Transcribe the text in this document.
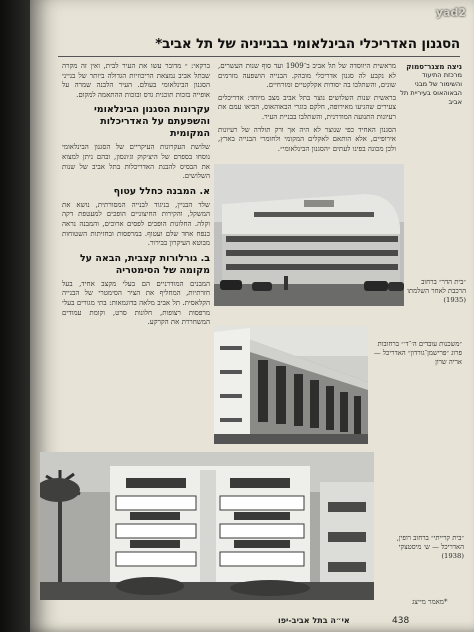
yad2
הסגנון האדריכלי הבינלאומי בבנייניה של תל אביב*
ניצה מצגר־סמוק
מרכזת התיעוד והשימור של מבני הבאוהאוס בעיריית תל אביב

מראשית היווסדה של תל אביב ב־1909 ועד סוף שנות העשרים, לא נקבע לה סגנון אדריכלי מובהק. הבנייה הושפעה מזרמים שונים, והשתלבו בה יסודות אקלקטיים ומזרחיים.

בראשית שנות השלושים נוצר בתל אביב מצב מיוחד: אדריכלים צעירים שהגיעו מאירופה, חלקם בוגרי הבאוהאוס, הביאו עמם את רעיונות התנועה המודרנית, והשתלבו בבניית העיר.

הסגנון האחיד כפי שנוצר לא היה אך ורק תולדה של רעיונות אירופיים, אלא הותאם לאקלים המקומי ולחומרי הבנייה בארץ, ולכן מכונה בפינו לעתים ״הסגנון הבינלאומי״.

ברקאי: ״ מדובר עשו את העיר לבית, ואין זה מקרה שבתל אביב נמצאת הריכוזיות הגדולה ביותר של בנייני הסגנון הבינלאומי בעולם. העיר הלבנה שמרה על אופייה בזכות תוכנית גדס ובזכות ההתאמה למקום.

עקרונות הסגנון הבינלאומי והשפעתם על האדריכלות המקומית

שלושת העקרונות העיקריים של הסגנון הבינלאומי נוסחו בספרם של היצ׳קוק וג׳ונסון, ובהם ניתן למצוא את הבסיס להבנת האדריכלות בתל אביב של שנות השלושים.

א. המבנה כחלל עטוף

שלד הבניין, בניגוד לבנייה המסורתית, נושא את המשקל, והקירות החיצוניים הופכים למעטפת דקה וקלה. החלונות הופכים לפסים ארוכים, והמבנה נראה כנפח אחד שלם ועטוף. במרפסות ובחזיתות השטוחות מבוטא העיקרון בבירור.

ב. גורלורות קצבית, הבאה על מקומה של הסימטריה

המבנים המודרניים הם בעלי מקצב אחיד, בעל חזרתיות, המחליף את הציר הסימטרי של הבנייה הקלאסית. תל אביב מלאה בדוגמאות: בתי מגורים בעלי מרפסות רצופות, חלונות סרט, וקומת עמודים המשחררת את הקרקע.

״בית הדר״ ברחוב הרכבת לאחר השלמתו (1935)
״משכנות עובדים ה׳־ד׳״ ברחובות פרוג ״פרישמן־גורדון״ האדריכל — אריה שרון
״בית קרייתי״ ברחוב רופין, האדריכל — ש׳ מיסטצקי (1938)
*מאמר מייצג
438
אי״ה בתל אביב-יפו
